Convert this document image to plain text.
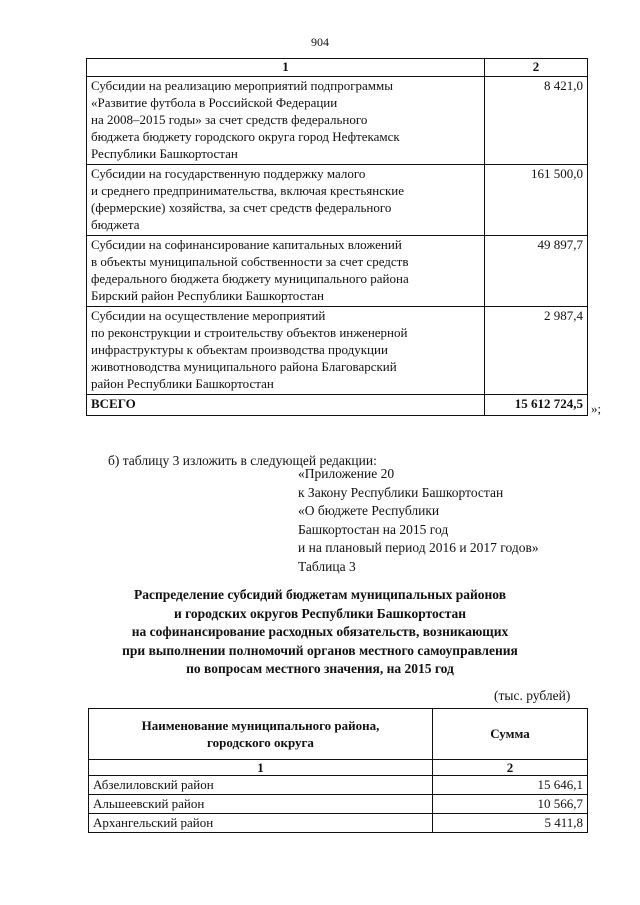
904
1	2

Субсидии на реализацию мероприятий подпрограммы
«Развитие футбола в Российской Федерации
на 2008–2015 годы» за счет средств федерального
бюджета бюджету городского округа город Нефтекамск
Республики Башкортостан	8 421,0

Субсидии на государственную поддержку малого
и среднего предпринимательства, включая крестьянские
(фермерские) хозяйства, за счет средств федерального
бюджета	161 500,0

Субсидии на софинансирование капитальных вложений
в объекты муниципальной собственности за счет средств
федерального бюджета бюджету муниципального района
Бирский район Республики Башкортостан	49 897,7

Субсидии на осуществление мероприятий
по реконструкции и строительству объектов инженерной
инфраструктуры к объектам производства продукции
животноводства муниципального района Благоварский
район Республики Башкортостан	2 987,4
ВСЕГО	15 612 724,5 »;
б) таблицу 3 изложить в следующей редакции:
«Приложение 20
к Закону Республики Башкортостан
«О бюджете Республики
Башкортостан на 2015 год
и на плановый период 2016 и 2017 годов»
Таблица 3
Распределение субсидий бюджетам муниципальных районов
и городских округов Республики Башкортостан
на софинансирование расходных обязательств, возникающих
при выполнении полномочий органов местного самоуправления
по вопросам местного значения, на 2015 год
(тыс. рублей)
Наименование муниципального района,
городского округа	Сумма
1	2
Абзелиловский район	15 646,1
Альшеевский район	10 566,7
Архангельский район	5 411,8
